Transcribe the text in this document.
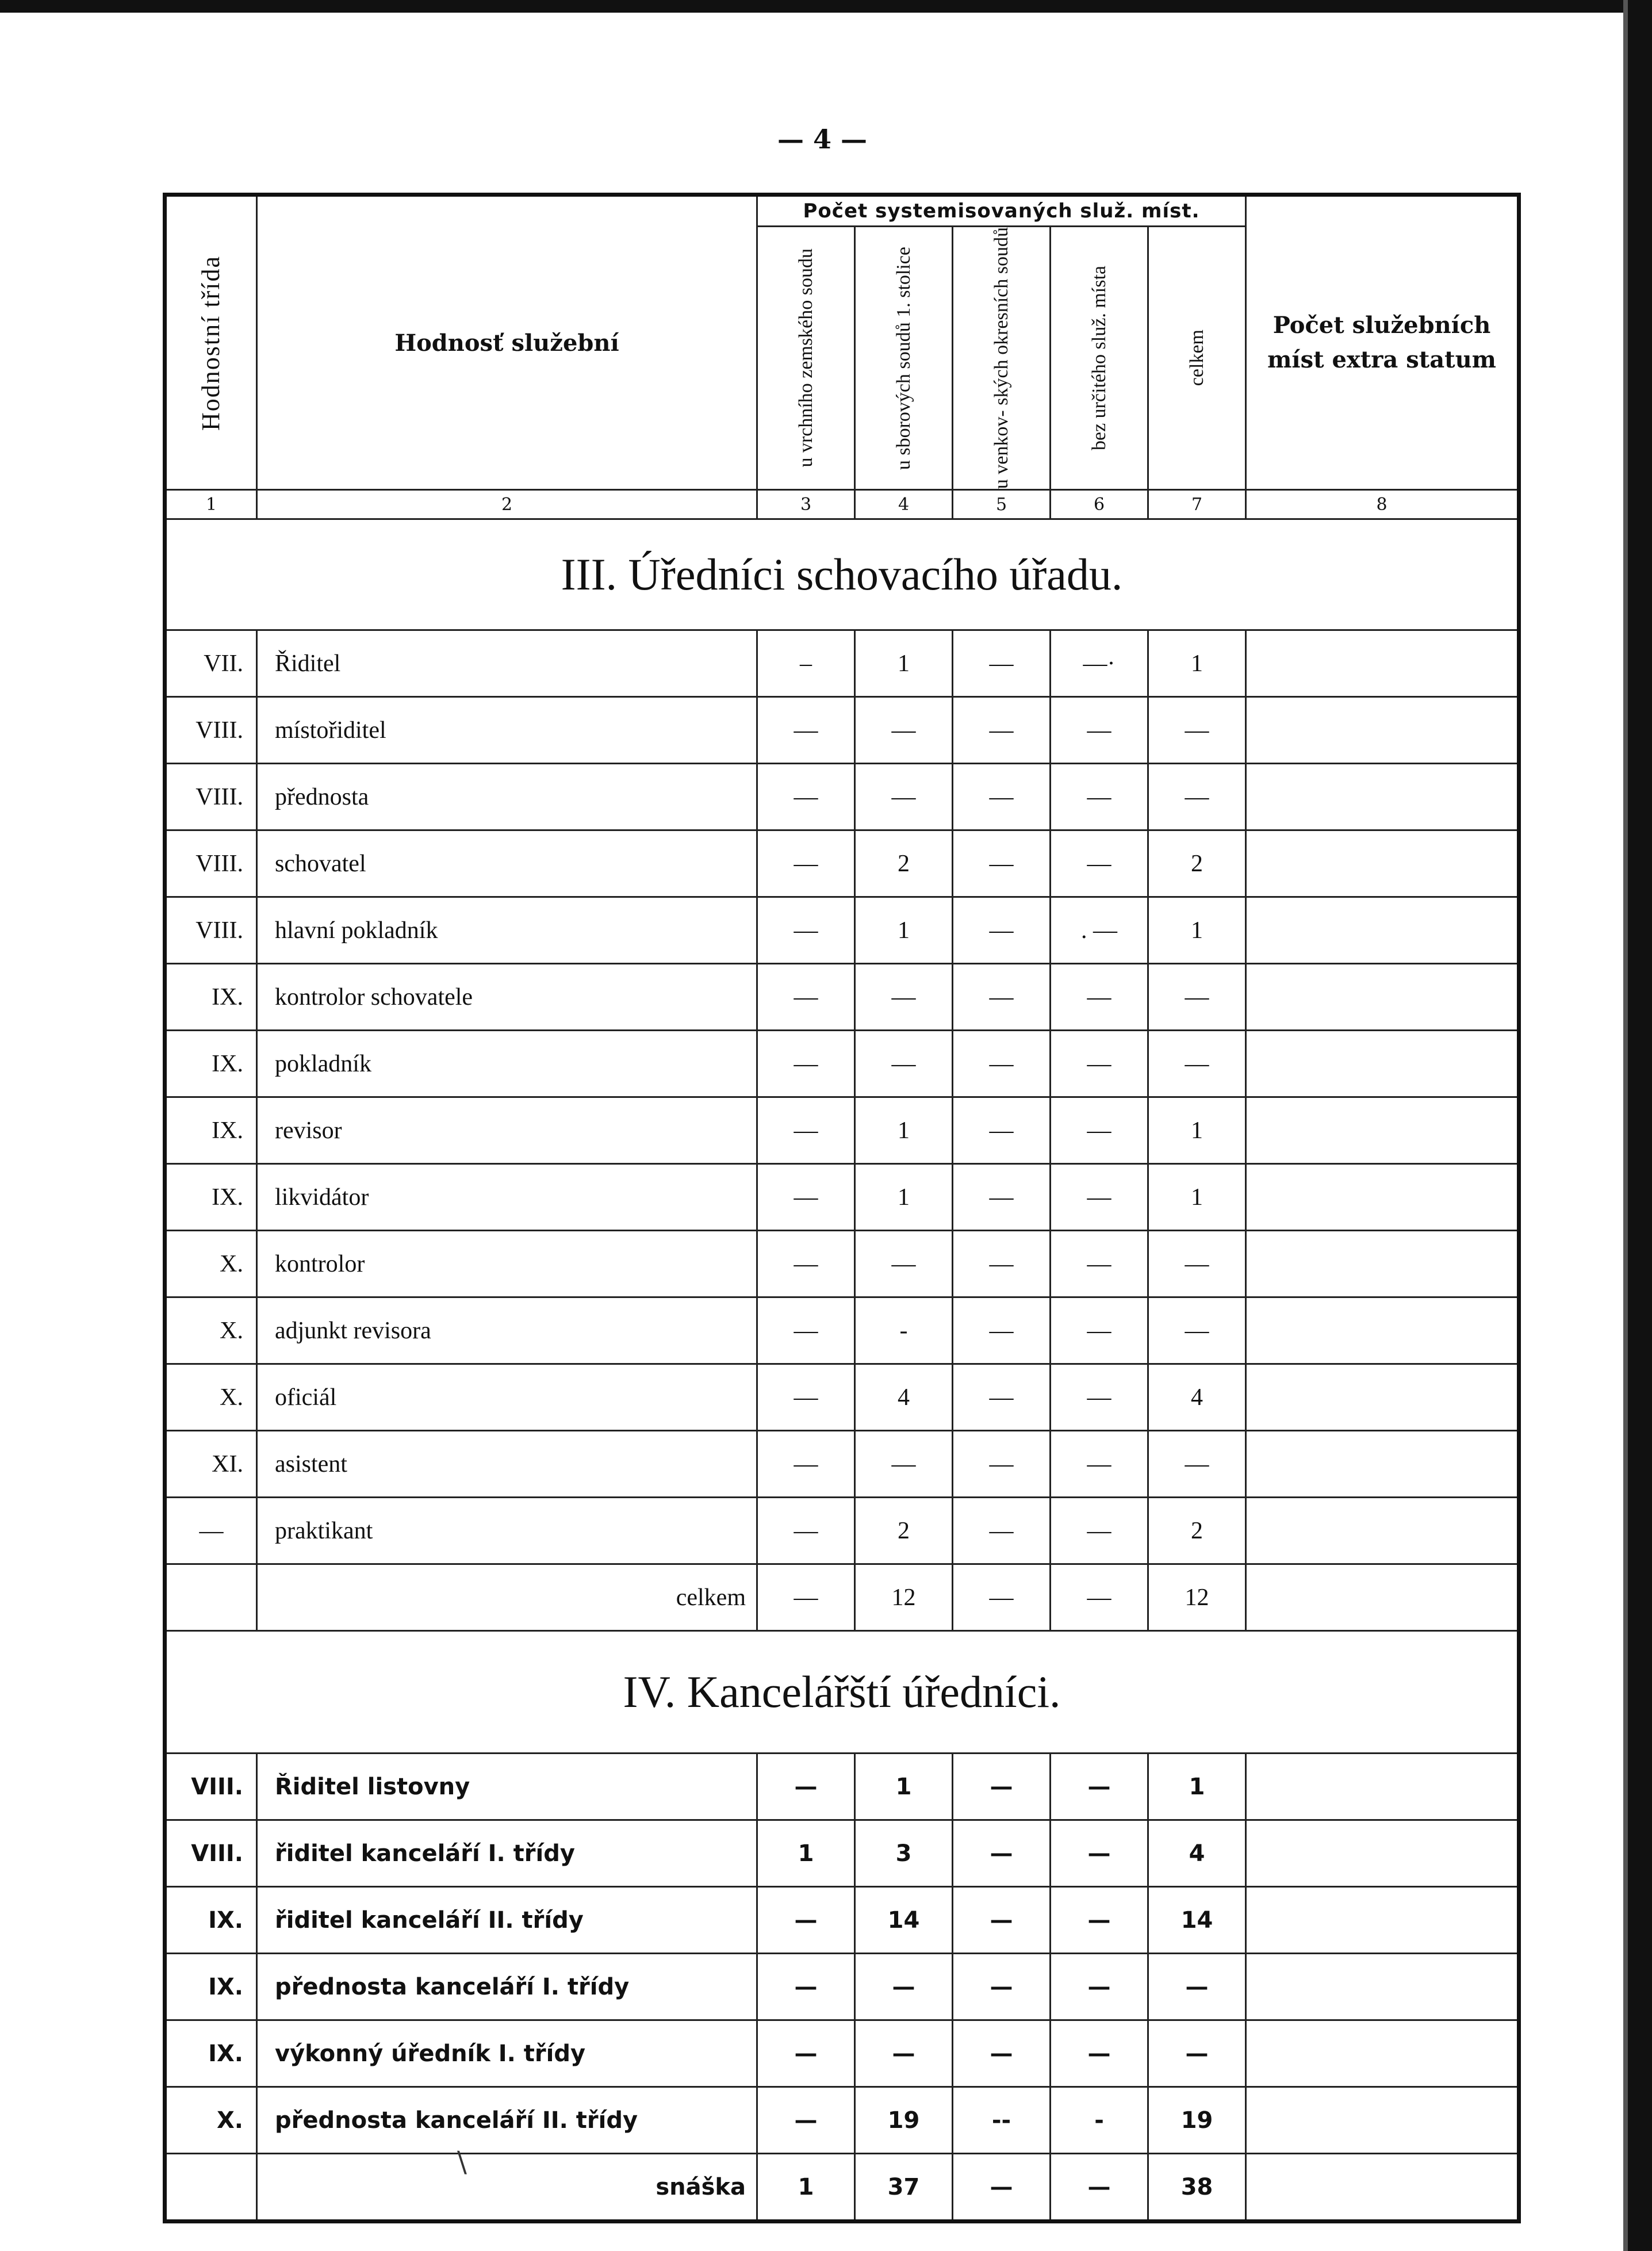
— 4 —
Hodnostní třída	Hodnosť služební	Počet systemisovaných služ. míst.					Počet služebních míst extra statum

		u vrchního zemského soudu	u sborových soudů 1. stolice	u venkov- ských okresních soudů	bez určitého služ. místa	celkem	

1	2	3	4	5	6	7	8
III. Úředníci schovacího úřadu.							
VII.	Řiditel	–	1	—	—·	1	
VIII.	místořiditel	—	—	—	—	—	
VIII.	přednosta	—	—	—	—	—	
VIII.	schovatel	—	2	—	—	2	
VIII.	hlavní pokladník	—	1	—	. —	1	
IX.	kontrolor schovatele	—	—	—	—	—	
IX.	pokladník	—	—	—	—	—	
IX.	revisor	—	1	—	—	1	
IX.	likvidátor	—	1	—	—	1	
X.	kontrolor	—	—	—	—	—	
X.	adjunkt revisora	—	-	—	—	—	
X.	oficiál	—	4	—	—	4	
XI.	asistent	—	—	—	—	—	
—	praktikant	—	2	—	—	2	
	celkem	—	12	—	—	12	
IV. Kancelářští úředníci.							
VIII.	Řiditel listovny	—	1	—	—	1	
VIII.	řiditel kanceláří I. třídy	1	3	—	—	4	
IX.	řiditel kanceláří II. třídy	—	14	—	—	14	
IX.	přednosta kanceláří I. třídy	—	—	—	—	—	
IX.	výkonný úředník I. třídy	—	—	—	—	—	
X.	přednosta kanceláří II. třídy	—	19	--	-	19	
	snáška	1	37	—	—	38	
\
